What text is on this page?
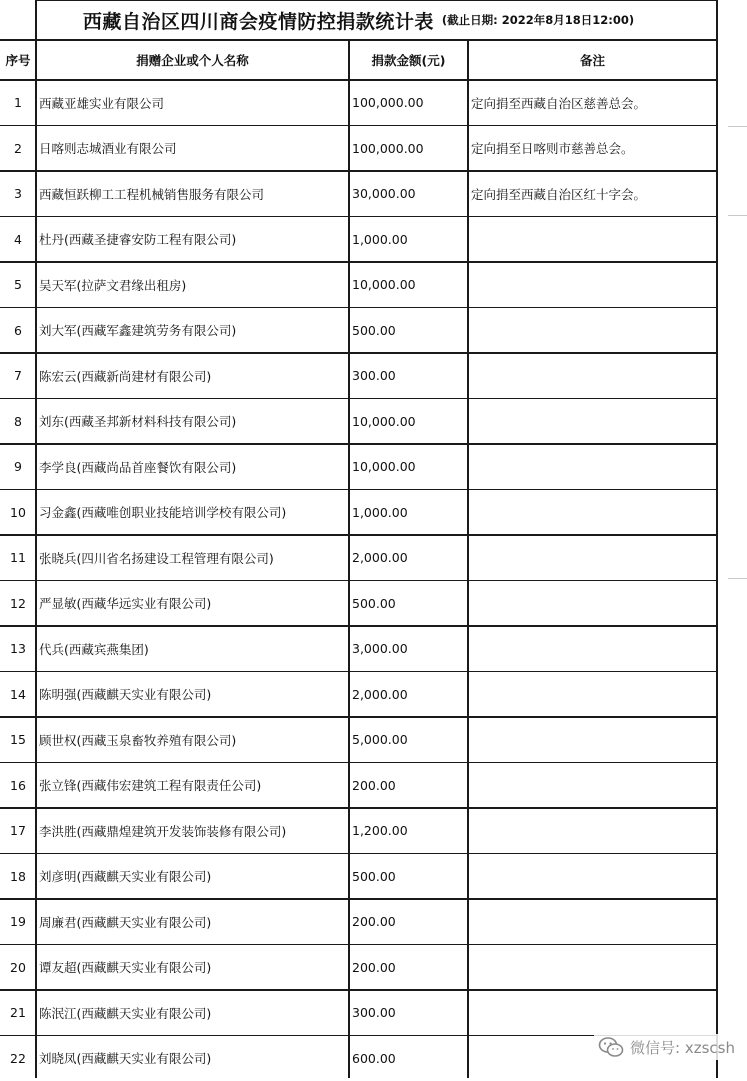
西藏自治区四川商会疫情防控捐款统计表 (截止日期: 2022年8月18日12:00)
序号	捐赠企业或个人名称	捐款金额(元)	备注
1	西藏亚雄实业有限公司	100,000.00	定向捐至西藏自治区慈善总会。
2	日喀则志城酒业有限公司	100,000.00	定向捐至日喀则市慈善总会。
3	西藏恒跃柳工工程机械销售服务有限公司	30,000.00	定向捐至西藏自治区红十字会。
4	杜丹(西藏圣捷睿安防工程有限公司)	1,000.00
5	吴天军(拉萨文君缘出租房)	10,000.00
6	刘大军(西藏军鑫建筑劳务有限公司)	500.00
7	陈宏云(西藏新尚建材有限公司)	300.00
8	刘东(西藏圣邦新材料科技有限公司)	10,000.00
9	李学良(西藏尚品首座餐饮有限公司)	10,000.00
10	习金鑫(西藏唯创职业技能培训学校有限公司)	1,000.00
11	张晓兵(四川省名扬建设工程管理有限公司)	2,000.00
12	严显敏(西藏华远实业有限公司)	500.00
13	代兵(西藏宾燕集团)	3,000.00
14	陈明强(西藏麒天实业有限公司)	2,000.00
15	顾世权(西藏玉泉畜牧养殖有限公司)	5,000.00
16	张立锋(西藏伟宏建筑工程有限责任公司)	200.00
17	李洪胜(西藏鼎煌建筑开发装饰装修有限公司)	1,200.00
18	刘彦明(西藏麒天实业有限公司)	500.00
19	周廉君(西藏麒天实业有限公司)	200.00
20	谭友超(西藏麒天实业有限公司)	200.00
21	陈泯江(西藏麒天实业有限公司)	300.00
22	刘晓凤(西藏麒天实业有限公司)	600.00
微信号: xzscsh
